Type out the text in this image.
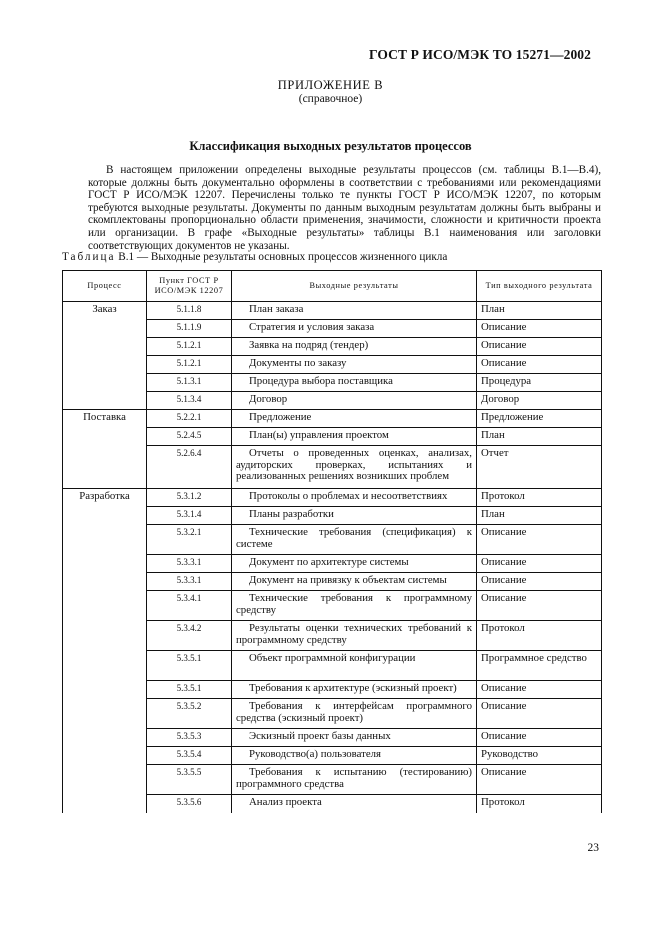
ГОСТ Р ИСО/МЭК ТО 15271—2002
ПРИЛОЖЕНИЕ В
(справочное)
Классификация выходных результатов процессов
В настоящем приложении определены выходные результаты процессов (см. таблицы В.1—В.4), которые должны быть документально оформлены в соответствии с требованиями или рекомендациями ГОСТ Р ИСО/МЭК 12207. Перечислены только те пункты ГОСТ Р ИСО/МЭК 12207, по которым требуются выходные результаты. Документы по данным выходным результатам должны быть выбраны и скомплектованы пропорционально области применения, значимости, сложности и критичности проекта или организации. В графе «Выходные результаты» таблицы В.1 наименования или заголовки соответствующих документов не указаны.
Таблица В.1 — Выходные результаты основных процессов жизненного цикла
Процесс	Пункт ГОСТ Р ИСО/МЭК 12207	Выходные результаты	Тип выходного результата
Заказ	5.1.1.8	План заказа	План
	5.1.1.9	Стратегия и условия заказа	Описание
	5.1.2.1	Заявка на подряд (тендер)	Описание
	5.1.2.1	Документы по заказу	Описание
	5.1.3.1	Процедура выбора поставщика	Процедура
	5.1.3.4	Договор	Договор
Поставка	5.2.2.1	Предложение	Предложение
	5.2.4.5	План(ы) управления проектом	План
	5.2.6.4	Отчеты о проведенных оценках, анализах, аудиторских проверках, испытаниях и реализованных решениях возникших проблем	Отчет
Разработка	5.3.1.2	Протоколы о проблемах и несоответствиях	Протокол
	5.3.1.4	Планы разработки	План
	5.3.2.1	Технические требования (спецификация) к системе	Описание
	5.3.3.1	Документ по архитектуре системы	Описание
	5.3.3.1	Документ на привязку к объектам системы	Описание
	5.3.4.1	Технические требования к программному средству	Описание
	5.3.4.2	Результаты оценки технических требований к программному средству	Протокол
	5.3.5.1	Объект программной конфигурации	Программное средство
	5.3.5.1	Требования к архитектуре (эскизный проект)	Описание
	5.3.5.2	Требования к интерфейсам программного средства (эскизный проект)	Описание
	5.3.5.3	Эскизный проект базы данных	Описание
	5.3.5.4	Руководство(а) пользователя	Руководство
	5.3.5.5	Требования к испытанию (тестированию) программного средства	Описание
	5.3.5.6	Анализ проекта	Протокол
23
